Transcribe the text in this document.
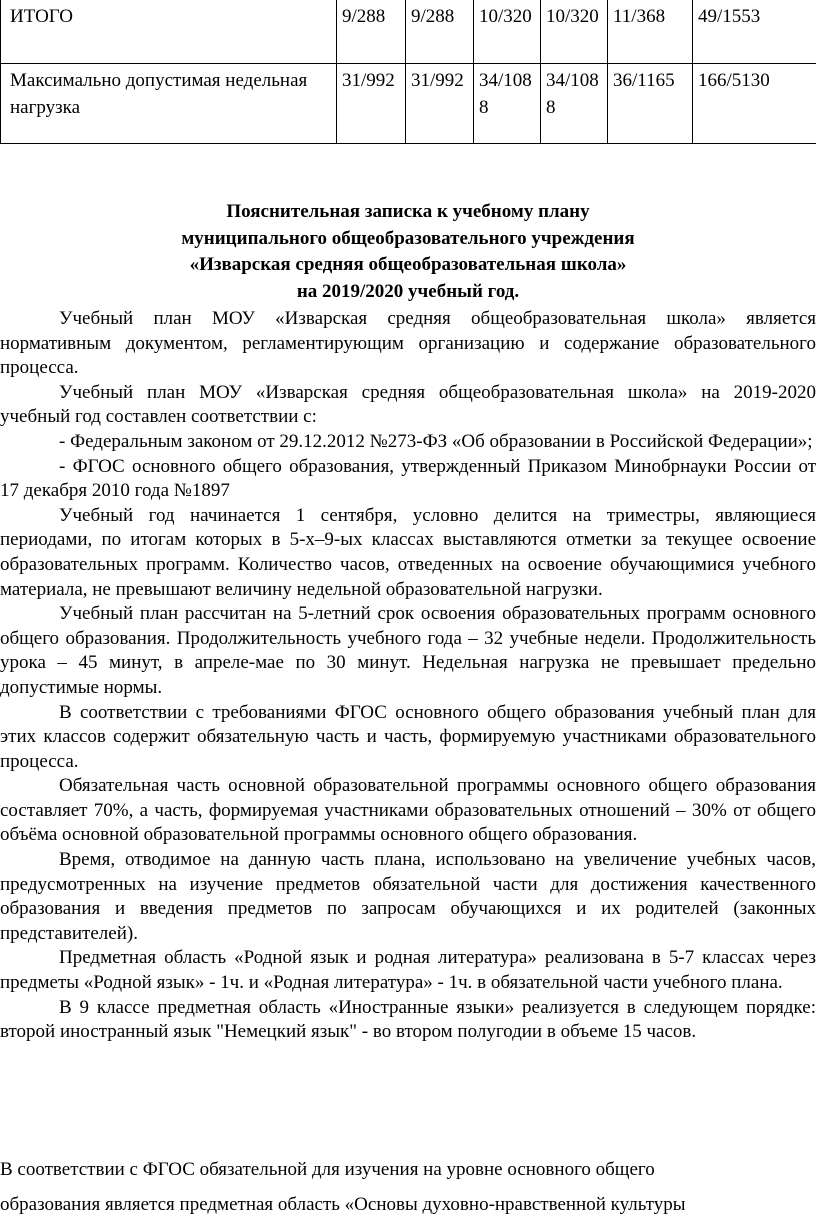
ИТОГО	9/288	9/288	10/320	10/320	11/368	49/1553
Максимально допустимая недельная нагрузка	31/992	31/992	34/1088	34/1088	36/1165	166/5130
Пояснительная записка к учебному плану
муниципального общеобразовательного учреждения
«Изварская средняя общеобразовательная школа»
на 2019/2020 учебный год.

Учебный план МОУ «Изварская средняя общеобразовательная школа» является нормативным документом, регламентирующим организацию и содержание образовательного процесса.

Учебный план МОУ «Изварская средняя общеобразовательная школа» на 2019-2020 учебный год составлен соответствии с:

- Федеральным законом от 29.12.2012 №273-ФЗ «Об образовании в Российской Федерации»;

- ФГОС основного общего образования, утвержденный Приказом Минобрнауки России от 17 декабря 2010 года №1897

Учебный год начинается 1 сентября, условно делится на триместры, являющиеся периодами, по итогам которых в 5-х–9-ых классах выставляются отметки за текущее освоение образовательных программ. Количество часов, отведенных на освоение обучающимися учебного материала, не превышают величину недельной образовательной нагрузки.

Учебный план рассчитан на 5-летний срок освоения образовательных программ основного общего образования. Продолжительность учебного года – 32 учебные недели. Продолжительность урока – 45 минут, в апреле-мае по 30 минут. Недельная нагрузка не превышает предельно допустимые нормы.

В соответствии с требованиями ФГОС основного общего образования учебный план для этих классов содержит обязательную часть и часть, формируемую участниками образовательного процесса.

Обязательная часть основной образовательной программы основного общего образования составляет 70%, а часть, формируемая участниками образовательных отношений – 30% от общего объёма основной образовательной программы основного общего образования.

Время, отводимое на данную часть плана, использовано на увеличение учебных часов, предусмотренных на изучение предметов обязательной части для достижения качественного образования и введения предметов по запросам обучающихся и их родителей (законных представителей).

Предметная область «Родной язык и родная литература» реализована в 5-7 классах через предметы «Родной язык» - 1ч. и «Родная литература» - 1ч. в обязательной части учебного плана.

В 9 классе предметная область «Иностранные языки» реализуется в следующем порядке: второй иностранный язык "Немецкий язык" - во втором полугодии в объеме 15 часов.

В соответствии с ФГОС обязательной для изучения на уровне основного общего
образования является предметная область «Основы духовно-нравственной культуры
